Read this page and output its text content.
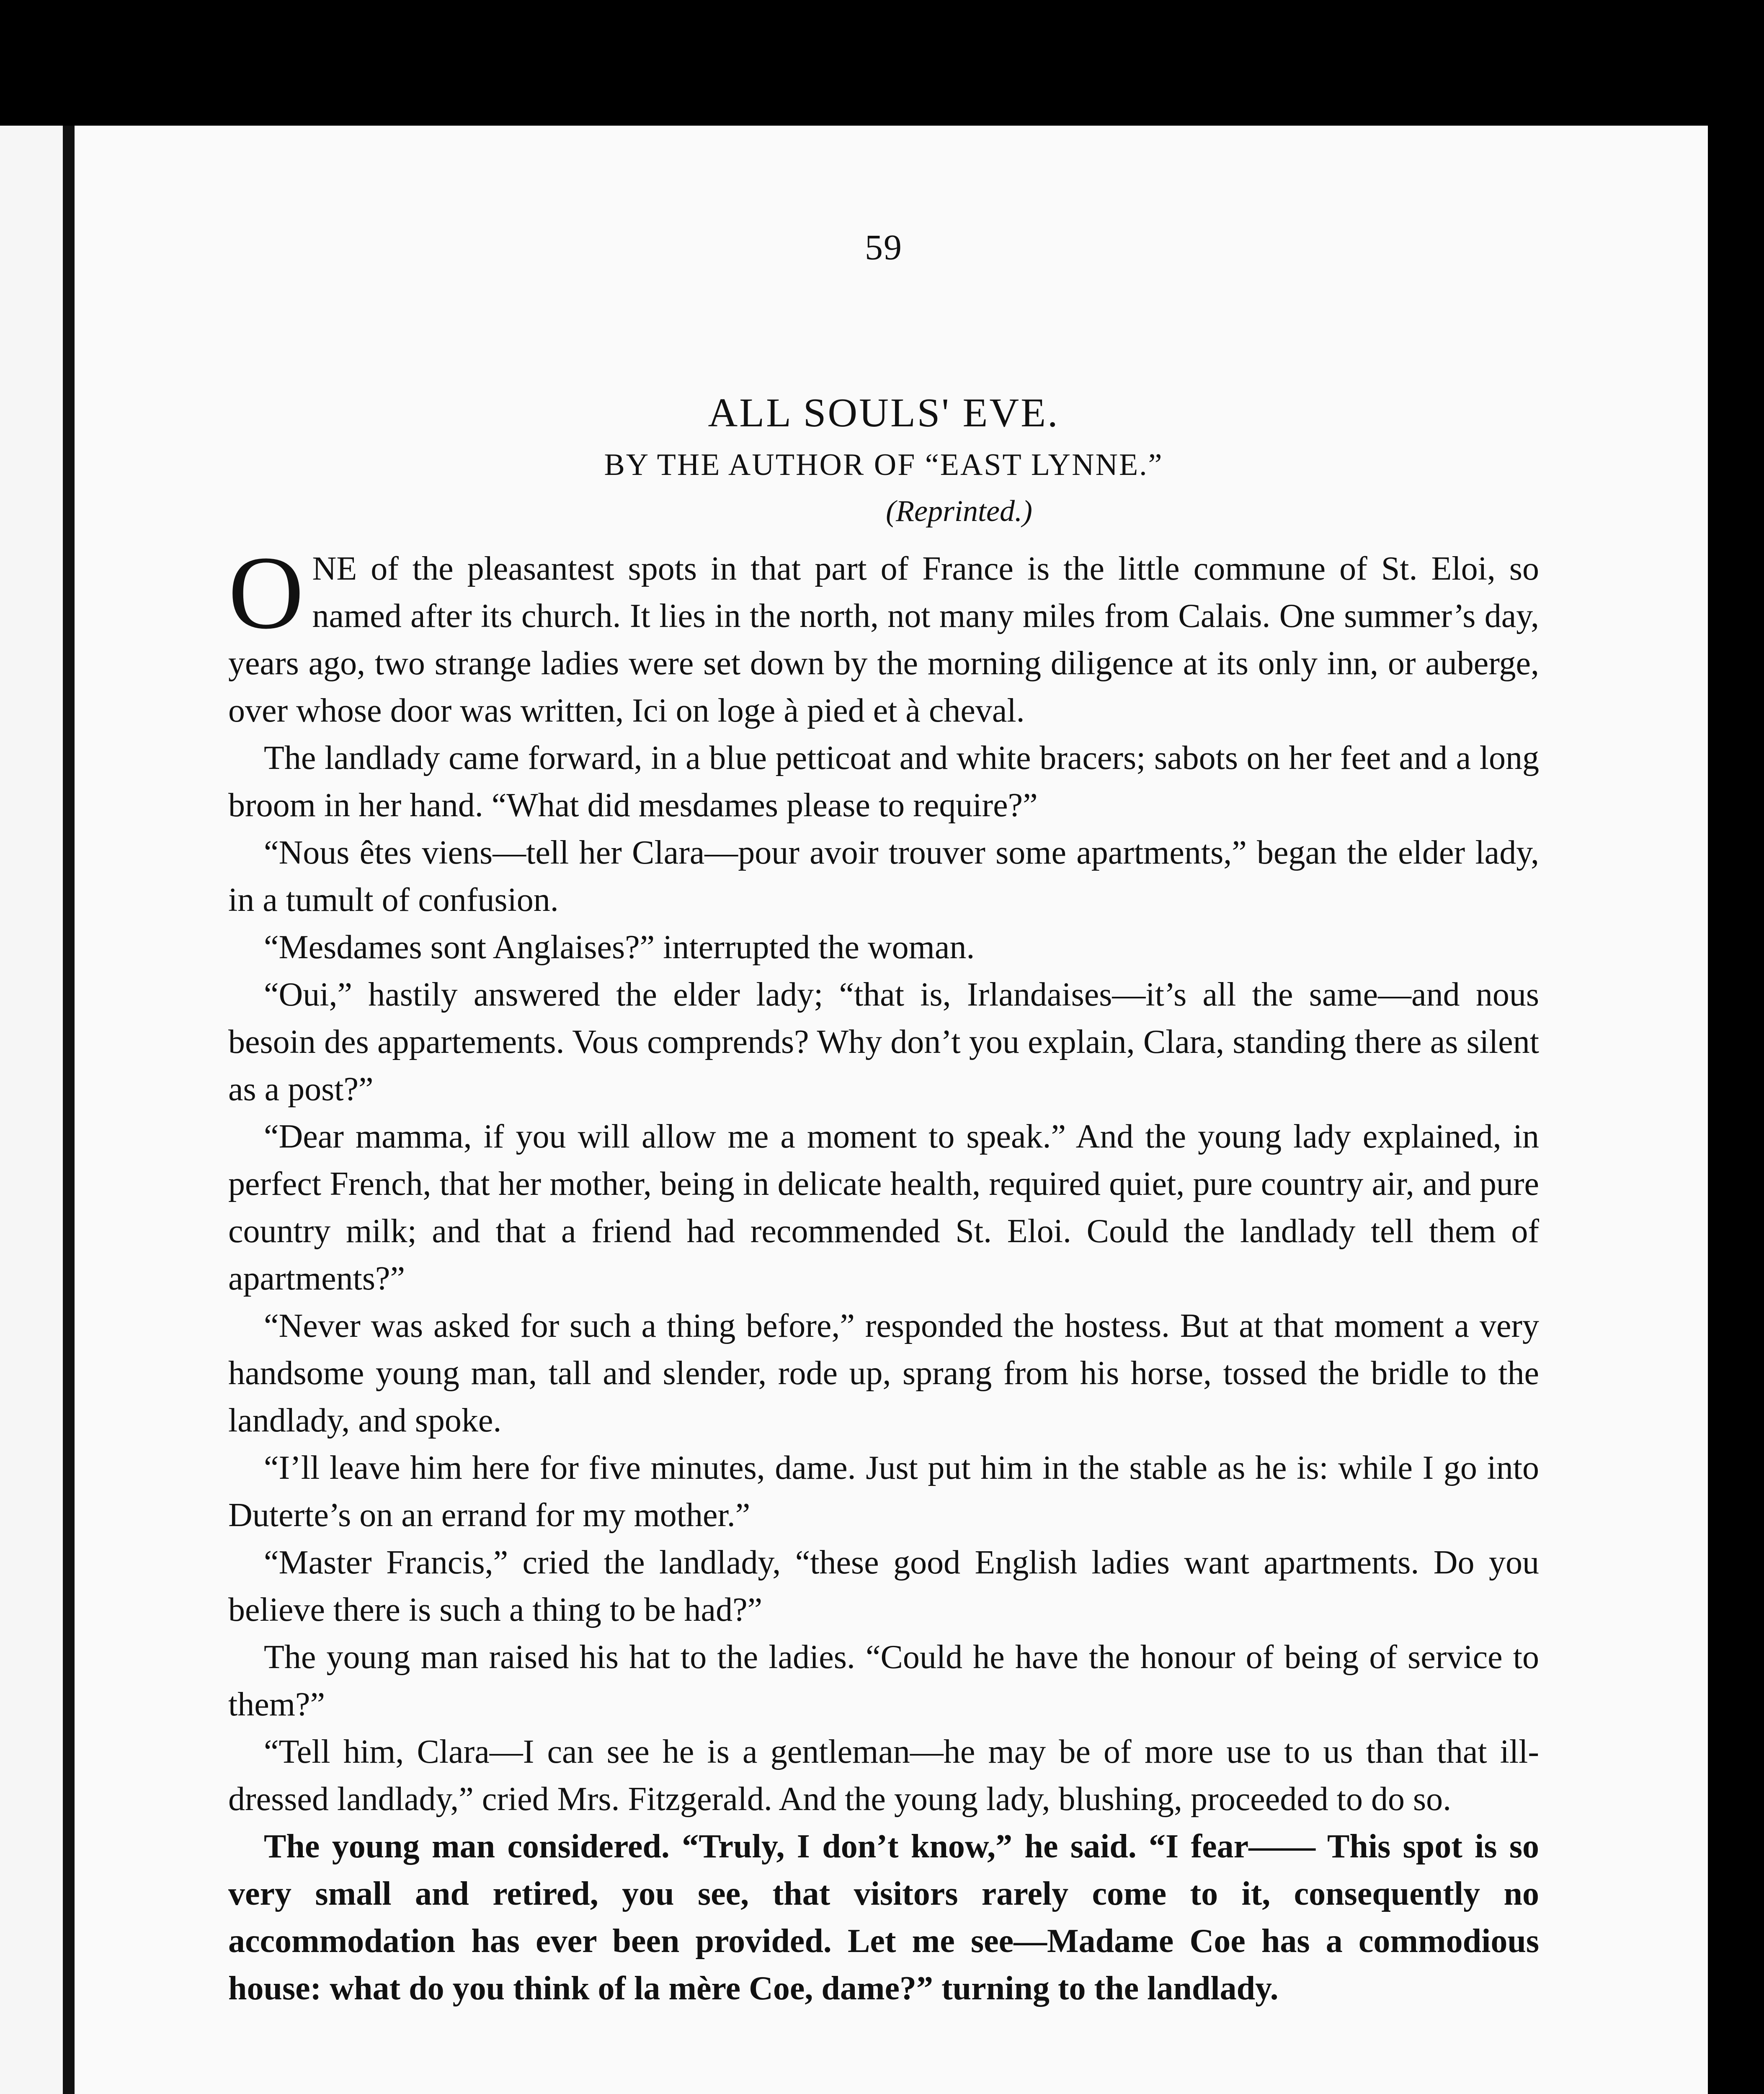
59
ALL SOULS' EVE.
BY THE AUTHOR OF “EAST LYNNE.”
(Reprinted.)

ONE of the pleasantest spots in that part of France is the little commune of St. Eloi, so named after its church. It lies in the north, not many miles from Calais. One summer’s day, years ago, two strange ladies were set down by the morning diligence at its only inn, or auberge, over whose door was written, Ici on loge à pied et à cheval.

The landlady came forward, in a blue petticoat and white bracers; sabots on her feet and a long broom in her hand. “What did mesdames please to require?”

“Nous êtes viens—tell her Clara—pour avoir trouver some apartments,” began the elder lady, in a tumult of confusion.

“Mesdames sont Anglaises?” interrupted the woman.

“Oui,” hastily answered the elder lady; “that is, Irlandaises—it’s all the same—and nous besoin des appartements. Vous comprends? Why don’t you explain, Clara, standing there as silent as a post?”

“Dear mamma, if you will allow me a moment to speak.” And the young lady explained, in perfect French, that her mother, being in delicate health, required quiet, pure country air, and pure country milk; and that a friend had recommended St. Eloi. Could the landlady tell them of apartments?”

“Never was asked for such a thing before,” responded the hostess. But at that moment a very handsome young man, tall and slender, rode up, sprang from his horse, tossed the bridle to the landlady, and spoke.

“I’ll leave him here for five minutes, dame. Just put him in the stable as he is: while I go into Duterte’s on an errand for my mother.”

“Master Francis,” cried the landlady, “these good English ladies want apartments. Do you believe there is such a thing to be had?”

The young man raised his hat to the ladies. “Could he have the honour of being of service to them?”

“Tell him, Clara—I can see he is a gentleman—he may be of more use to us than that ill-dressed landlady,” cried Mrs. Fitzgerald. And the young lady, blushing, proceeded to do so.

The young man considered. “Truly, I don’t know,” he said. “I fear—— This spot is so very small and retired, you see, that visitors rarely come to it, consequently no accommodation has ever been provided. Let me see—Madame Coe has a commodious house: what do you think of la mère Coe, dame?” turning to the landlady.
